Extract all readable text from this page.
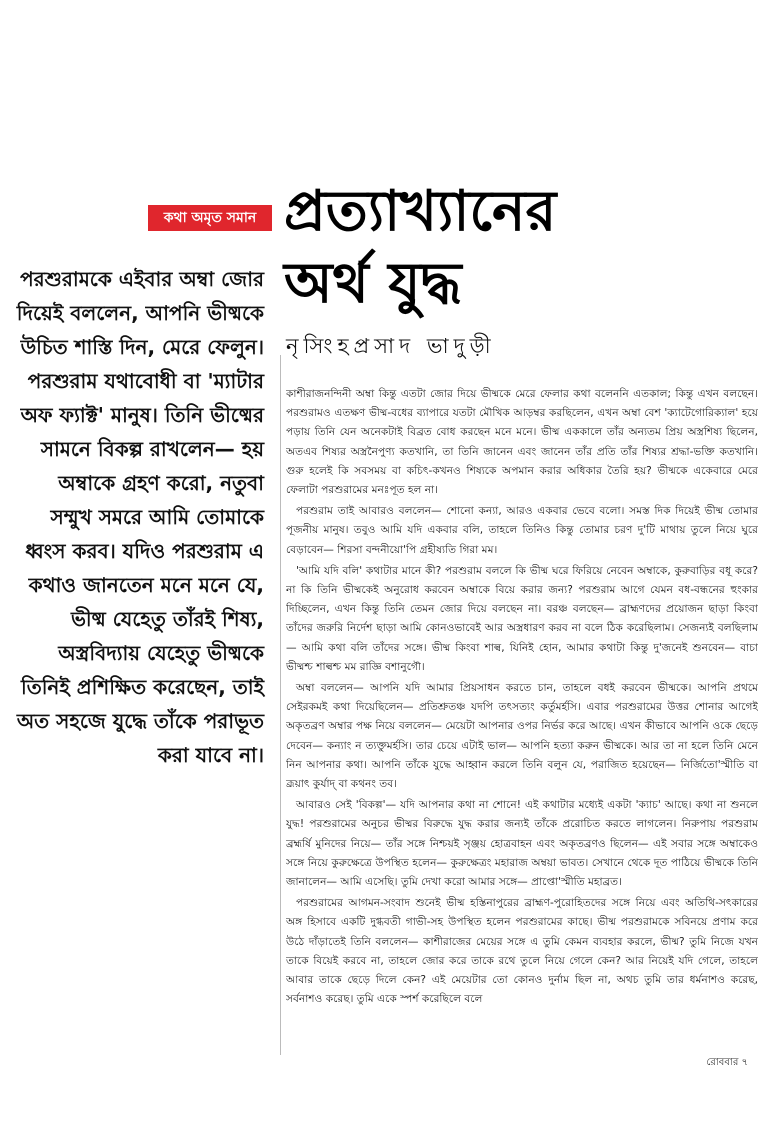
কথা অমৃত সমান প্রত্যাখ্যানের
অর্থ যুদ্ধ
নৃসিংহপ্রসাদ ভাদুড়ী
পরশুরামকে এইবার অম্বা জোর দিয়েই বললেন, আপনি ভীষ্মকে উচিত শাস্তি দিন, মেরে ফেলুন। পরশুরাম যথাবোধী বা 'ম্যাটার অফ ফ্যাক্ট' মানুষ। তিনি ভীষ্মের সামনে বিকল্প রাখলেন— হয় অম্বাকে গ্রহণ করো, নতুবা সম্মুখ সমরে আমি তোমাকে ধ্বংস করব। যদিও পরশুরাম এ কথাও জানতেন মনে মনে যে, ভীষ্ম যেহেতু তাঁরই শিষ্য, অস্ত্রবিদ্যায় যেহেতু ভীষ্মকে তিনিই প্রশিক্ষিত করেছেন, তাই অত সহজে যুদ্ধে তাঁকে পরাভূত করা যাবে না।

কাশীরাজনন্দিনী অম্বা কিন্তু এতটা জোর দিয়ে ভীষ্মকে মেরে ফেলার কথা বলেননি এতকাল; কিন্তু এখন বলছেন। পরশুরামও এতক্ষণ ভীষ্ম-বধের ব্যাপারে যতটা মৌখিক আড়ম্বর করছিলেন, এখন অম্বা বেশ 'ক্যাটেগোরিক্যাল' হয়ে পড়ায় তিনি যেন অনেকটাই বিব্রত বোধ করছেন মনে মনে। ভীষ্ম এককালে তাঁর অন্যতম প্রিয় অস্ত্রশিষ্য ছিলেন, অতএব শিষ্যর অস্ত্রনৈপুণ্য কতখানি, তা তিনি জানেন এবং জানেন তাঁর প্রতি তাঁর শিষ্যর শ্রদ্ধা-ভক্তি কতখানি। গুরু হলেই কি সবসময় বা কচিৎ-কখনও শিষ্যকে অপমান করার অধিকার তৈরি হয়? ভীষ্মকে একেবারে মেরে ফেলাটা পরশুরামের মনঃপূত হল না।

পরশুরাম তাই আবারও বললেন— শোনো কন্যা, আরও একবার ভেবে বলো। সমস্ত দিক দিয়েই ভীষ্ম তোমার পূজনীয় মানুষ। তবুও আমি যদি একবার বলি, তাহলে তিনিও কিন্তু তোমার চরণ দু'টি মাথায় তুলে নিয়ে ঘুরে বেড়াবেন— শিরসা বন্দনীয়ো'পি গ্রহীষ্যতি গিরা মম।

'আমি যদি বলি' কথাটার মানে কী? পরশুরাম বললে কি ভীষ্ম ঘরে ফিরিয়ে নেবেন অম্বাকে, কুরুবাড়ির বধূ করে? না কি তিনি ভীষ্মকেই অনুরোধ করবেন অম্বাকে বিয়ে করার জন্য? পরশুরাম আগে যেমন বধ-বন্ধনের হুংকার দিচ্ছিলেন, এখন কিন্তু তিনি তেমন জোর দিয়ে বলছেন না। বরঞ্চ বলছেন— ব্রাহ্মণদের প্রয়োজন ছাড়া কিংবা তাঁদের জরুরি নির্দেশ ছাড়া আমি কোনওভাবেই আর অস্ত্রধারণ করব না বলে ঠিক করেছিলাম। সেজন্যই বলছিলাম— আমি কথা বলি তাঁদের সঙ্গে। ভীষ্ম কিংবা শাল্ব, যিনিই হোন, আমার কথাটা কিন্তু দু'জনেই শুনবেন— বাচা ভীষ্মশ্চ শাল্বশ্চ মম রাজ্ঞি বশানুগৌ।

অম্বা বললেন— আপনি যদি আমার প্রিয়সাধন করতে চান, তাহলে বধই করবেন ভীষ্মকে। আপনি প্রথমে সেইরকমই কথা দিয়েছিলেন— প্রতিশ্রুতঞ্চ যদপি তৎসত্যং কর্তুমর্হসি। এবার পরশুরামের উত্তর শোনার আগেই অকৃতব্রণ অম্বার পক্ষ নিয়ে বললেন— মেয়েটা আপনার ওপর নির্ভর করে আছে। এখন কীভাবে আপনি ওকে ছেড়ে দেবেন— কন্যাং ন ত্যক্তুমর্হসি। তার চেয়ে এটাই ভাল— আপনি হত্যা করুন ভীষ্মকে। আর তা না হলে তিনি মেনে নিন আপনার কথা। আপনি তাঁকে যুদ্ধে আহ্বান করলে তিনি বলুন যে, পরাজিত হয়েছেন— নির্জিতো'স্মীতি বা ব্রূয়াৎ কুর্যাদ্‌ বা কথনং তব।

আবারও সেই 'বিকল্প'— যদি আপনার কথা না শোনে! এই কথাটার মধ্যেই একটা 'ক্যাচ' আছে। কথা না শুনলে যুদ্ধ! পরশুরামের অনুচর ভীষ্মর বিরুদ্ধে যুদ্ধ করার জন্যই তাঁকে প্ররোচিত করতে লাগলেন। নিরুপায় পরশুরাম ব্রহ্মর্ষি মুনিদের নিয়ে— তাঁর সঙ্গে নিশ্চয়ই সৃঞ্জয় হোত্রবাহন এবং অকৃতব্রণও ছিলেন— এই সবার সঙ্গে অম্বাকেও সঙ্গে নিয়ে কুরুক্ষেত্রে উপস্থিত হলেন— কুরুক্ষেত্রং মহারাজ অম্বয়া ভাবত। সেখানে থেকে দূত পাঠিয়ে ভীষ্মকে তিনি জানালেন— আমি এসেছি। তুমি দেখা করো আমার সঙ্গে— প্রাপ্তো'স্মীতি মহাব্রত।

পরশুরামের আগমন-সংবাদ শুনেই ভীষ্ম হস্তিনাপুরের ব্রাহ্মণ-পুরোহিতদের সঙ্গে নিয়ে এবং অতিথি-সৎকারের অঙ্গ হিসাবে একটি দুগ্ধবতী গাভী-সহ উপস্থিত হলেন পরশুরামের কাছে। ভীষ্ম পরশুরামকে সবিনয়ে প্রণাম করে উঠে দাঁড়াতেই তিনি বললেন— কাশীরাজের মেয়ের সঙ্গে এ তুমি কেমন ব্যবহার করলে, ভীষ্ম? তুমি নিজে যখন তাকে বিয়েই করবে না, তাহলে জোর করে তাকে রথে তুলে নিয়ে গেলে কেন? আর নিয়েই যদি গেলে, তাহলে আবার তাকে ছেড়ে দিলে কেন? এই মেয়েটার তো কোনও দুর্নাম ছিল না, অথচ তুমি তার ধর্মনাশও করেছ, সর্বনাশও করেছ। তুমি একে স্পর্শ করেছিলে বলে

রোববার ৭
